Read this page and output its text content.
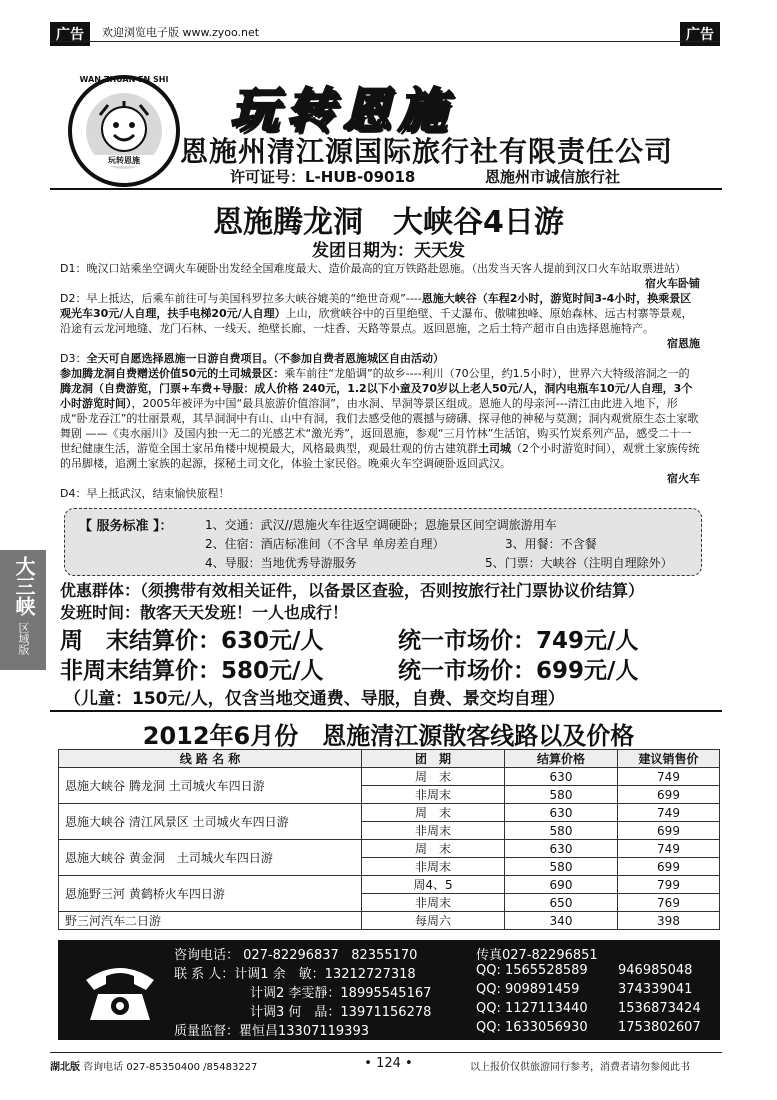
广告	欢迎浏览电子版 www.zyoo.net	广告
WAN ZHUAN EN SHI
玩转恩施
玩转恩施
恩施州清江源国际旅行社有限责任公司
许可证号：L-HUB-09018	恩施州市诚信旅行社
恩施腾龙洞　大峡谷4日游
发团日期为：天天发

D1：晚汉口站乘坐空调火车硬卧出发经全国难度最大、造价最高的宜万铁路赴恩施。（出发当天客人提前到汉口火车站取票进站）

宿火车卧铺

D2：早上抵达，后乘车前往可与美国科罗拉多大峡谷媲美的“绝世奇观”----恩施大峡谷（车程2小时，游览时间3-4小时，换乘景区观光车30元/人自理，扶手电梯20元/人自理）上山，欣赏峡谷中的百里绝壁、千丈瀑布、傲啸独峰、原始森林、远古村寨等景观，沿途有云龙河地缝、龙门石林、一线天、绝壁长廊、一炷香、天路等景点。返回恩施，之后土特产超市自由选择恩施特产。

宿恩施

D3：全天可自愿选择恩施一日游自费项目。（不参加自费者恩施城区自由活动）
参加腾龙洞自费赠送价值50元的土司城景区：乘车前往“龙船调”的故乡----利川（70公里，约1.5小时），世界六大特级溶洞之一的腾龙洞（自费游览，门票+车费+导服：成人价格 240元，1.2以下小童及70岁以上老人50元/人，洞内电瓶车10元/人自理，3个小时游览时间），2005年被评为中国“最具旅游价值溶洞”，由水洞、旱洞等景区组成。恩施人的母亲河---清江由此进入地下，形成“卧龙吞江”的壮丽景观，其旱洞洞中有山、山中有洞，我们去感受他的震撼与磅礴、探寻他的神秘与莫测；洞内观赏原生态土家歌舞剧 ——《夷水丽川》及国内独一无二的光感艺术“激光秀”，返回恩施，参观“三月竹林”生活馆，购买竹炭系列产品，感受二十一世纪健康生活，游览全国土家吊角楼中规模最大，风格最典型，观最壮观的仿古建筑群土司城（2个小时游览时间），观赏土家族传统的吊脚楼，追溯土家族的起源，探秘土司文化，体验土家民俗。晚乘火车空调硬卧返回武汉。

宿火车

D4：早上抵武汉，结束愉快旅程！

【 服务标准 】：	1、交通：武汉//恩施火车往返空调硬卧；恩施景区间空调旅游用车
2、住宿：酒店标准间（不含早 单房差自理）	3、用餐：不含餐
4、导服：当地优秀导游服务	5、门票：大峡谷（注明自理除外）
大三峡
区域版
优惠群体：（须携带有效相关证件，以备景区查验，否则按旅行社门票协议价结算）
发班时间：散客天天发班！一人也成行！
周　末结算价：630元/人	统一市场价：749元/人
非周末结算价：580元/人	统一市场价：699元/人
（儿童：150元/人，仅含当地交通费、导服，自费、景交均自理）
2012年6月份　恩施清江源散客线路以及价格
线 路 名 称	团　期	结算价格	建议销售价
恩施大峡谷 腾龙洞 土司城火车四日游	周　末	630	749
	非周末	580	699
恩施大峡谷 清江风景区 土司城火车四日游	周　末	630	749
	非周末	580	699
恩施大峡谷 黄金洞　土司城火车四日游	周　末	630	749
	非周末	580	699
恩施野三河 黄鹤桥火车四日游	周4、5	690	799
	非周末	650	769
野三河汽车二日游	每周六	340	398
咨询电话： 027-82296837 82355170	传真027-82296851
联 系 人：计调1 余　敏：13212727318	QQ: 1565528589 946985048
计调2 李雯靜：18995545167	QQ: 909891459	374339041
计调3 何　晶：13971156278	QQ: 1127113440 1536873424
质量监督：瞿恒昌13307119393	QQ: 1633056930 1753802607
湖北版 咨询电话 027-85350400 /85483227	• 124 •	以上报价仅供旅游同行参考，消费者请勿参阅此书
